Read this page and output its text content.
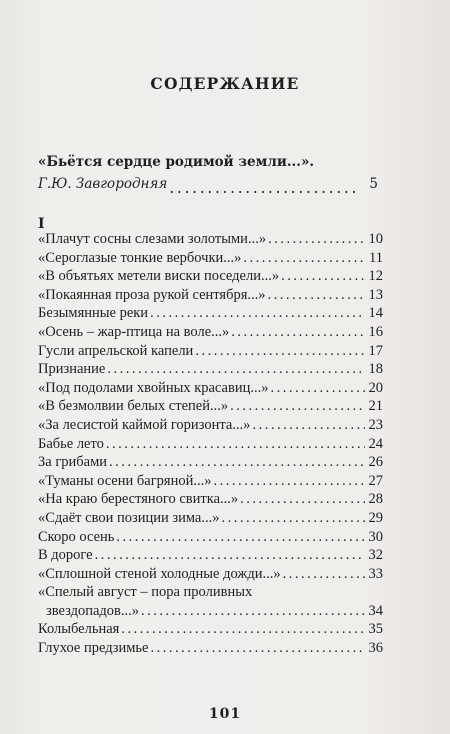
СОДЕРЖАНИЕ
«Бьётся сердце родимой земли...».
Г.Ю. Завгородняя .....	5
I
«Плачут сосны слезами золотыми...» .....	10
«Сероглазые тонкие вербочки...» .....	11
«В объятьях метели виски поседели...» .....	12
«Покаянная проза рукой сентября...» .....	13
Безымянные реки .....	14
«Осень – жар-птица на воле...» .....	16
Гусли апрельской капели .....	17
Признание .....	18
«Под подолами хвойных красавиц...» .....	20
«В безмолвии белых степей...» .....	21
«За лесистой каймой горизонта...» .....	23
Бабье лето .....	24
За грибами .....	26
«Туманы осени багряной...» .....	27
«На краю берестяного свитка...» .....	28
«Сдаёт свои позиции зима...» .....	29
Скоро осень .....	30
В дороге .....	32
«Сплошной стеной холодные дожди...» .....	33
«Спелый август – пора проливных
звездопадов...» .....	34
Колыбельная .....	35
Глухое предзимье .....	36
101
